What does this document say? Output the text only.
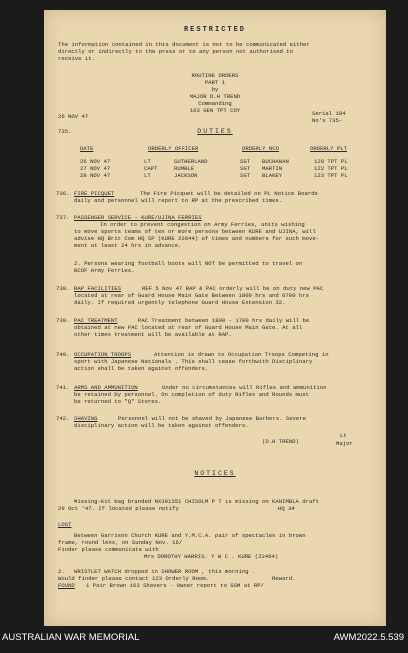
RESTRICTED
The information contained in this document is not to be communicated either
directly or indirectly to the press or to any person not authorised to
receive it.
ROUTINE ORDERS
PART 1
by
MAJOR D.H TREND
Commanding
163 GEN TPT COY
26 NOV 47	Serial 184
No's 735-
735.	DUTIES
DATE	ORDERLY OFFICER	ORDERLY NCO	ORDERLY PLT
26 NOV 47	LT	SUTHERLAND	SGT BUCHANAN	120 TPT PL
27 NOV 47	CAPT	RUMBLE	SGT MARTIN	122 TPT PL
28 NOV 47	LT	JACKSON	SGT BLAKEY	123 TPT PL
736. FIRE PICQUET	The Fire Picquet will be detailed on PL Notice Boards
daily and personnel will report to RP at the prescribed times.
737. PASSENGER SERVICE - KURE/UJINA FERRIES
In order to prevent congestion on Army Ferries, units wishing
to move sports teams of ten or more persons between KURE and UJINA, will
advise HQ Brit Com HQ SP (KURE 22044) of times and numbers for such move-
ment at least 24 hrs in advance.
2. Persons wearing football boots will NOT be permitted to travel on
BCOF Army Ferries.
738. RAP FACILITIES	REF 5 Nov 47 RAP & PAC orderly will be on duty new PAC
located at rear of Guard House Main Gate Between 1800 hrs and 0700 hrs
daily. If required urgently telephone Guard House Extension 32.
739. PAC TREATMENT	PAC Treatment between 1800 - 1700 hrs daily will be
obtained at new PAC located at rear of Guard House Main Gate. At all
other times treatment will be available at RAP.
740. OCCUPATION TROOPS	Attention is drawn to Occupation Troops Competing in
sport with Japanese Nationals . This shall cease forthwith Disciplinary
action shall be taken against offenders.
741. ARMS AND AMMUNITION	Under no circumstances will Rifles and ammunition
be retained by personnel. On completion of duty Rifles and Rounds must
be returned to "Q" Stores.
742. SHAVING	Personnel will not be shaved by Japanese Barbers. Severe
disciplinary action will be taken against offenders.
Lt
(D.H TREND)	Major
NOTICES
Missing-Kit bag branded NX301351 CHISOLM P T is missing on KANIMBLA draft
29 Oct '47. If located please notify	HQ 34
LOST
Between Garrison Church KURE and Y.M.C.A. pair of spectacles in brown
frame, round lens, on Sunday Nov. 16/
Finder please communicate with
Mrs DOROTHY HARRIS. Y W C . KURE (22464)
2. WRISTLET WATCH dropped in SHOWER ROOM , this morning .
Would finder please contact 123 Orderly Room.	Reward.
FOUND 1 Pair Brown 163 Shavers - Owner report to GSM at RP/
AUSTRALIAN WAR MEMORIAL	AWM2022.5.539
